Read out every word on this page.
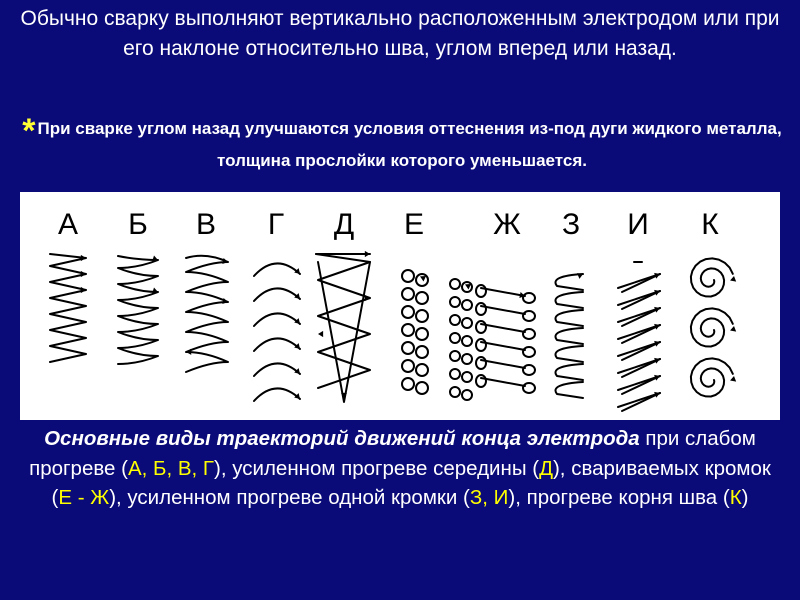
Обычно сварку выполняют вертикально расположенным электродом или при его наклоне относительно шва, углом вперед или назад.
* При сварке углом назад улучшаются условия оттеснения из-под дуги жидкого металла, толщина прослойки которого уменьшается.
А Б В Г Д Е Ж З И К
Основные виды траекторий движений конца электрода при слабом прогреве (А, Б, В, Г), усиленном прогреве середины (Д), свариваемых кромок (Е - Ж), усиленном прогреве одной кромки (З, И), прогреве корня шва (К)
